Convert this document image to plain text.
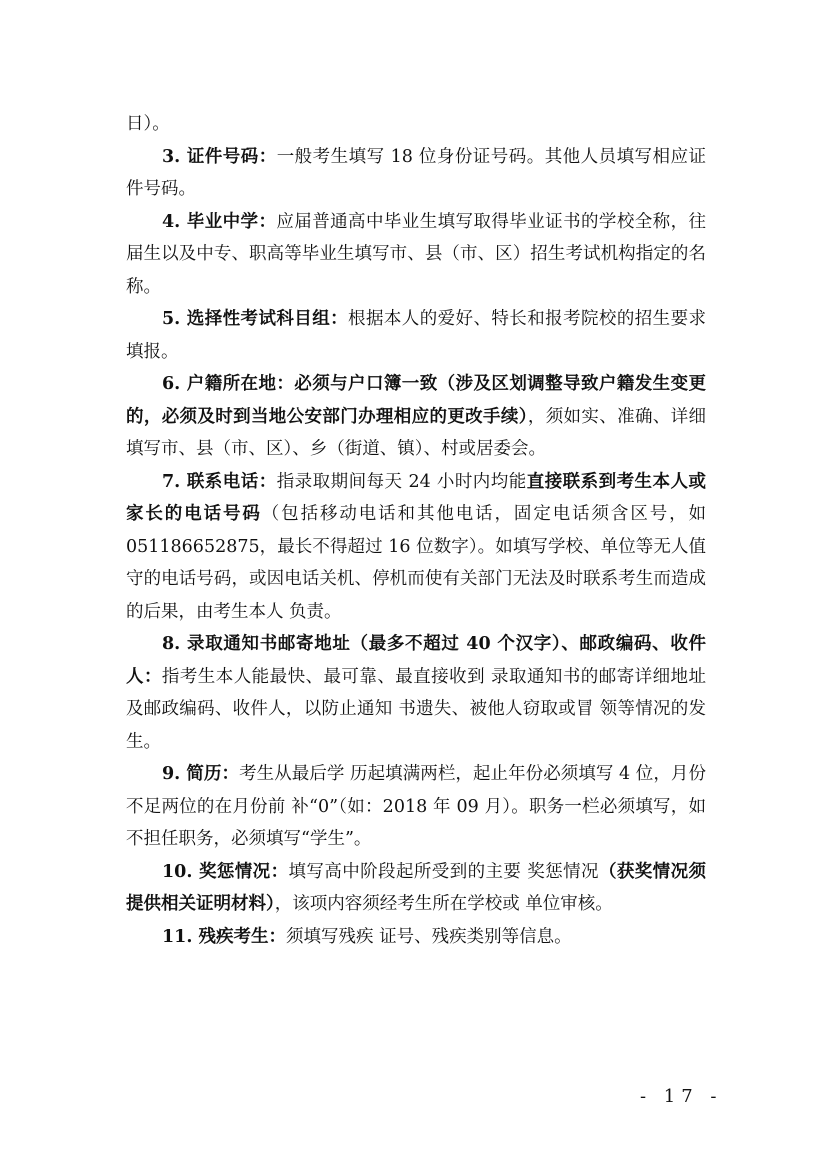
日）。

3. 证件号码：一般考生填写 18 位身份证号码。其他人员填写相应证件号码。

4. 毕业中学：应届普通高中毕业生填写取得毕业证书的学校全称，往届生以及中专、职高等毕业生填写市、县（市、区）招生考试机构指定的名称。

5. 选择性考试科目组：根据本人的爱好、特长和报考院校的招生要求填报。

6. 户籍所在地：必须与户口簿一致（涉及区划调整导致户籍发生变更的，必须及时到当地公安部门办理相应的更改手续），须如实、准确、详细填写市、县（市、区）、乡（街道、镇）、村或居委会。

7. 联系电话：指录取期间每天 24 小时内均能直接联系到考生本人或家长的电话号码（包括移动电话和其他电话，固定电话须含区号，如 051186652875，最长不得超过 16 位数字）。如填写学校、单位等无人值守的电话号码，或因电话关机、停机而使有关部门无法及时联系考生而造成的后果，由考生本人 负责。

8. 录取通知书邮寄地址（最多不超过 40 个汉字）、邮政编码、收件人：指考生本人能最快、最可靠、最直接收到 录取通知书的邮寄详细地址及邮政编码、收件人，以防止通知 书遗失、被他人窃取或冒 领等情况的发生。

9. 简历：考生从最后学 历起填满两栏，起止年份必须填写 4 位，月份不足两位的在月份前 补“0”（如：2018 年 09 月）。职务一栏必须填写，如不担任职务，必须填写“学生”。

10. 奖惩情况：填写高中阶段起所受到的主要 奖惩情况（获奖情况须提供相关证明材料），该项内容须经考生所在学校或 单位审核。

11. 残疾考生：须填写残疾 证号、残疾类别等信息。

- 17 -
